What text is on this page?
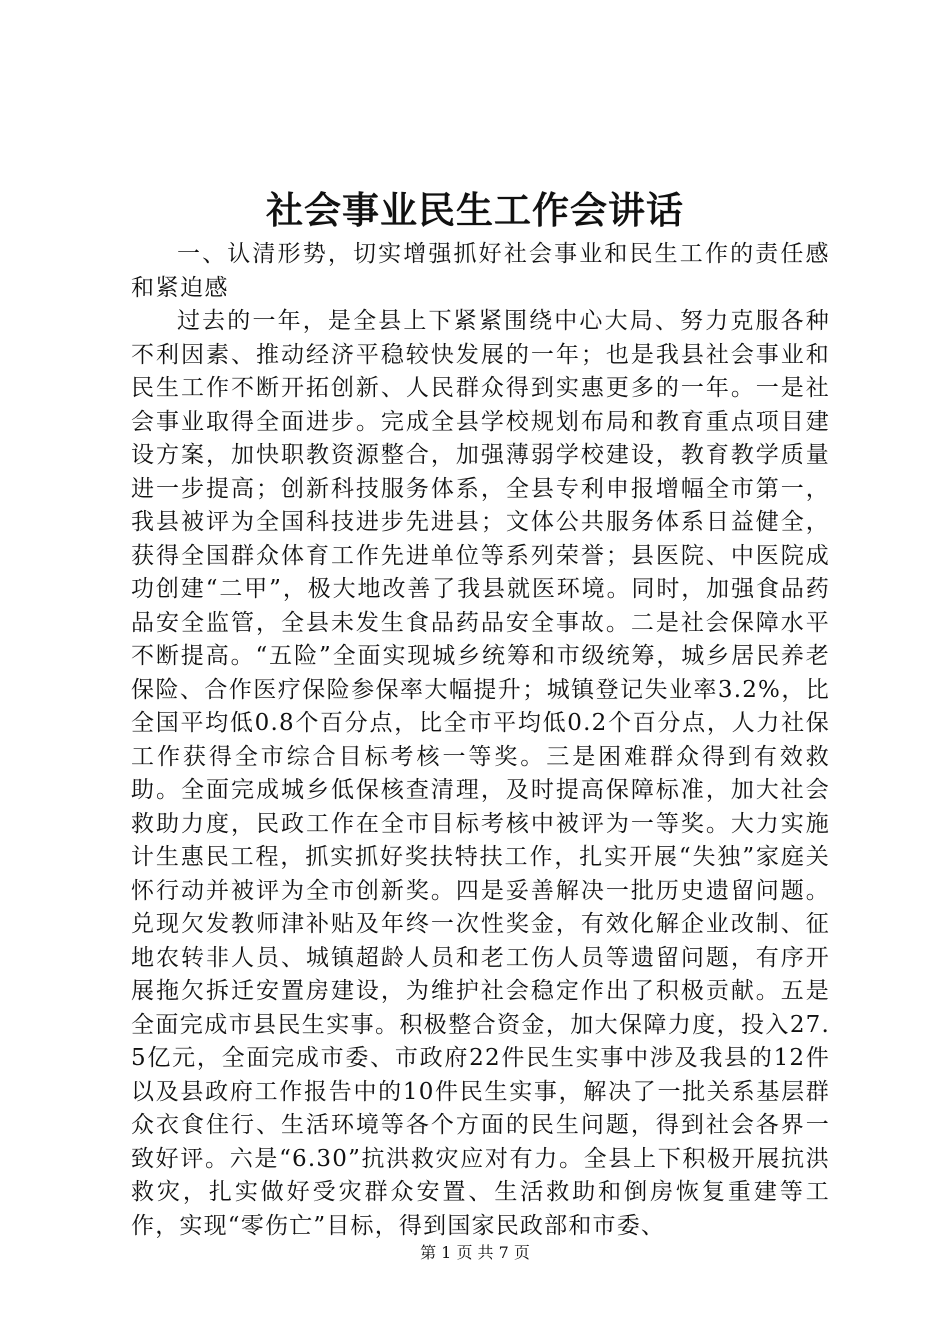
社会事业民生工作会讲话

一、认清形势，切实增强抓好社会事业和民生工作的责任感和紧迫感

过去的一年，是全县上下紧紧围绕中心大局、努力克服各种不利因素、推动经济平稳较快发展的一年；也是我县社会事业和民生工作不断开拓创新、人民群众得到实惠更多的一年。一是社会事业取得全面进步。完成全县学校规划布局和教育重点项目建设方案，加快职教资源整合，加强薄弱学校建设，教育教学质量进一步提高；创新科技服务体系，全县专利申报增幅全市第一，我县被评为全国科技进步先进县；文体公共服务体系日益健全，获得全国群众体育工作先进单位等系列荣誉；县医院、中医院成功创建“二甲”，极大地改善了我县就医环境。同时，加强食品药品安全监管，全县未发生食品药品安全事故。二是社会保障水平不断提高。“五险”全面实现城乡统筹和市级统筹，城乡居民养老保险、合作医疗保险参保率大幅提升；城镇登记失业率3.2%，比全国平均低0.8个百分点，比全市平均低0.2个百分点，人力社保工作获得全市综合目标考核一等奖。三是困难群众得到有效救助。全面完成城乡低保核查清理，及时提高保障标准，加大社会救助力度，民政工作在全市目标考核中被评为一等奖。大力实施计生惠民工程，抓实抓好奖扶特扶工作，扎实开展“失独”家庭关怀行动并被评为全市创新奖。四是妥善解决一批历史遗留问题。兑现欠发教师津补贴及年终一次性奖金，有效化解企业改制、征地农转非人员、城镇超龄人员和老工伤人员等遗留问题，有序开展拖欠拆迁安置房建设，为维护社会稳定作出了积极贡献。五是全面完成市县民生实事。积极整合资金，加大保障力度，投入27.5亿元，全面完成市委、市政府22件民生实事中涉及我县的12件以及县政府工作报告中的10件民生实事，解决了一批关系基层群众衣食住行、生活环境等各个方面的民生问题，得到社会各界一致好评。六是“6.30”抗洪救灾应对有力。全县上下积极开展抗洪救灾，扎实做好受灾群众安置、生活救助和倒房恢复重建等工作，实现“零伤亡”目标，得到国家民政部和市委、

第 1 页 共 7 页
